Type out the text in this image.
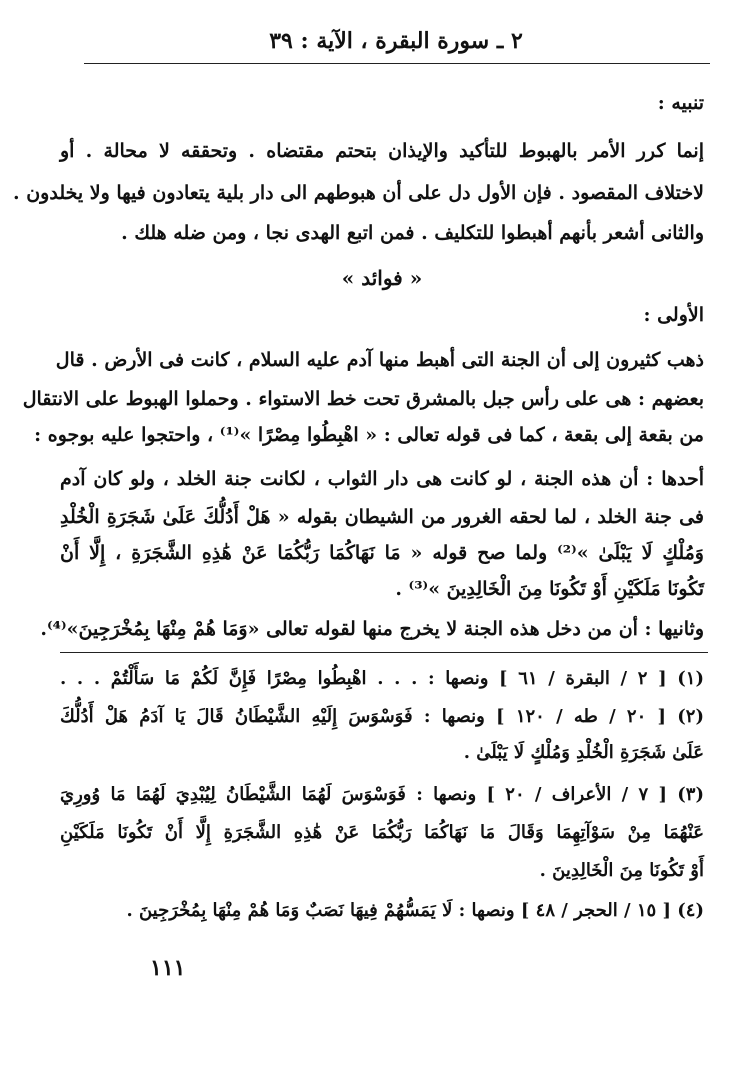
٢ ـ سورة البقرة ، الآية : ٣٩
تنبيه :
إنما كرر الأمر بالهبوط للتأكيد والإيذان بتحتم مقتضاه . وتحققه لا محالة . أو
لاختلاف المقصود . فإن الأول دل على أن هبوطهم الى دار بلية يتعادون فيها ولا يخلدون .
والثانى أشعر بأنهم أهبطوا للتكليف . فمن اتبع الهدى نجا ، ومن ضله هلك .
« فوائد »
الأولى :
ذهب كثيرون إلى أن الجنة التى أهبط منها آدم عليه السلام ، كانت فى الأرض . قال
بعضهم : هى على رأس جبل بالمشرق تحت خط الاستواء . وحملوا الهبوط على الانتقال
من بقعة إلى بقعة ، كما فى قوله تعالى : « اهْبِطُوا مِصْرًا »⁽¹⁾ ، واحتجوا عليه بوجوه :
أحدها : أن هذه الجنة ، لو كانت هى دار الثواب ، لكانت جنة الخلد ، ولو كان آدم
فى جنة الخلد ، لما لحقه الغرور من الشيطان بقوله « هَلْ أَدُلُّكَ عَلَىٰ شَجَرَةِ الْخُلْدِ
وَمُلْكٍ لَا يَبْلَىٰ »⁽²⁾ ولما صح قوله « مَا نَهَاكُمَا رَبُّكُمَا عَنْ هَٰذِهِ الشَّجَرَةِ ، إِلَّا أَنْ
تَكُونَا مَلَكَيْنِ أَوْ تَكُونَا مِنَ الْخَالِدِينَ »⁽³⁾ .
وثانيها : أن من دخل هذه الجنة لا يخرج منها لقوله تعالى «وَمَا هُمْ مِنْهَا بِمُخْرَجِينَ»⁽⁴⁾.
(١) [ ٢ / البقرة / ٦١ ] ونصها : . . . اهْبِطُوا مِصْرًا فَإِنَّ لَكُمْ مَا سَأَلْتُمْ . . .
(٢) [ ٢٠ / طه / ١٢٠ ] ونصها : فَوَسْوَسَ إِلَيْهِ الشَّيْطَانُ قَالَ يَا آدَمُ هَلْ أَدُلُّكَ
عَلَىٰ شَجَرَةِ الْخُلْدِ وَمُلْكٍ لَا يَبْلَىٰ .
(٣) [ ٧ / الأعراف / ٢٠ ] ونصها : فَوَسْوَسَ لَهُمَا الشَّيْطَانُ لِيُبْدِيَ لَهُمَا مَا وُورِيَ
عَنْهُمَا مِنْ سَوْآتِهِمَا وَقَالَ مَا نَهَاكُمَا رَبُّكُمَا عَنْ هَٰذِهِ الشَّجَرَةِ إِلَّا أَنْ تَكُونَا مَلَكَيْنِ
أَوْ تَكُونَا مِنَ الْخَالِدِينَ .
(٤) [ ١٥ / الحجر / ٤٨ ] ونصها : لَا يَمَسُّهُمْ فِيهَا نَصَبٌ وَمَا هُمْ مِنْهَا بِمُخْرَجِينَ .
١١١
